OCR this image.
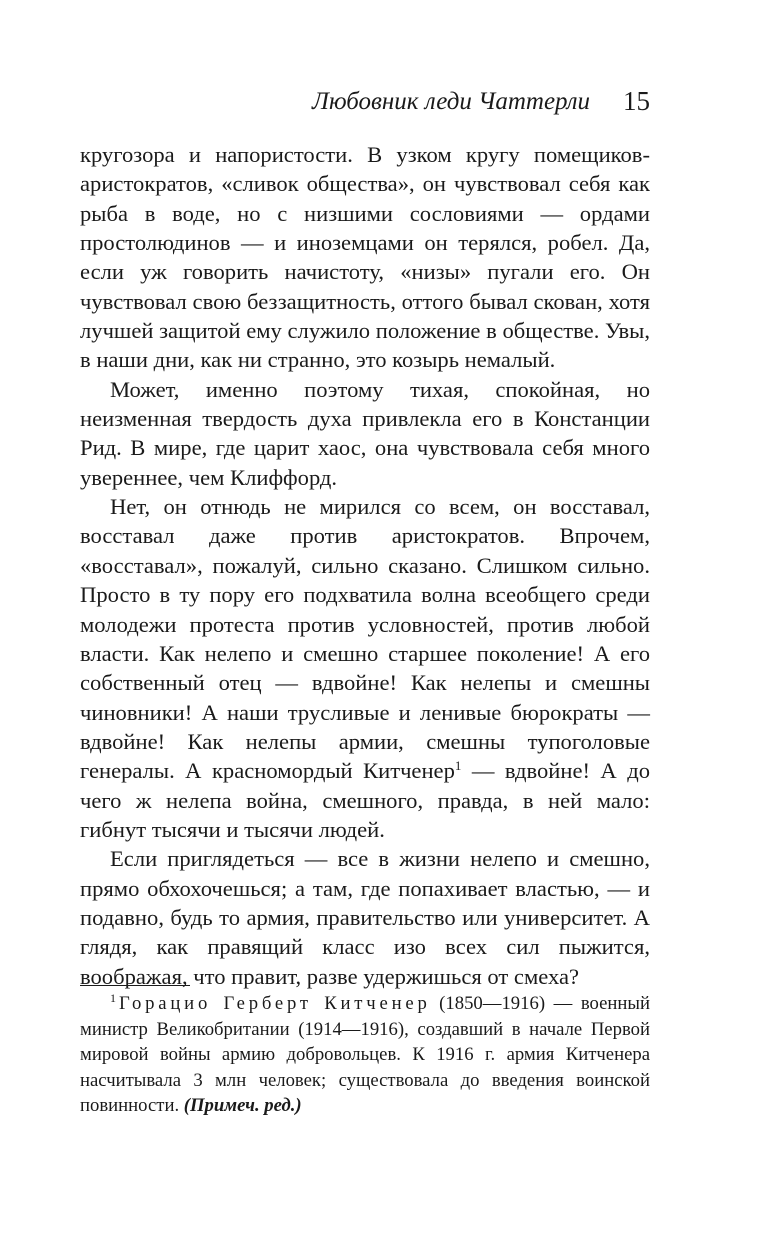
Любовник леди Чаттерли 15

кругозора и напористости. В узком кругу помещиков-аристократов, «сливок общества», он чувствовал себя как рыба в воде, но с низшими сословиями — ордами простолюдинов — и иноземцами он терялся, робел. Да, если уж говорить начистоту, «низы» пугали его. Он чувствовал свою беззащитность, оттого бывал скован, хотя лучшей защитой ему служило положение в обществе. Увы, в наши дни, как ни странно, это козырь немалый.

Может, именно поэтому тихая, спокойная, но неизменная твердость духа привлекла его в Констанции Рид. В мире, где царит хаос, она чувствовала себя много увереннее, чем Клиффорд.

Нет, он отнюдь не мирился со всем, он восставал, восставал даже против аристократов. Впрочем, «восставал», пожалуй, сильно сказано. Слишком сильно. Просто в ту пору его подхватила волна всеобщего среди молодежи протеста против условностей, против любой власти. Как нелепо и смешно старшее поколение! А его собственный отец — вдвойне! Как нелепы и смешны чиновники! А наши трусливые и ленивые бюрократы — вдвойне! Как нелепы армии, смешны тупоголовые генералы. А красномордый Китченер$^1$ — вдвойне! А до чего ж нелепа война, смешного, правда, в ней мало: гибнут тысячи и тысячи людей.

Если приглядеться — все в жизни нелепо и смешно, прямо обхохочешься; а там, где попахивает властью, — и подавно, будь то армия, правительство или университет. А глядя, как правящий класс изо всех сил пыжится, воображая, что правит, разве удержишься от смеха?

$^1$ Горацио Герберт Китченер (1850—1916) — военный министр Великобритании (1914—1916), создавший в начале Первой мировой войны армию добровольцев. К 1916 г. армия Китченера насчитывала 3 млн человек; существовала до введения воинской повинности. (Примеч. ред.)
